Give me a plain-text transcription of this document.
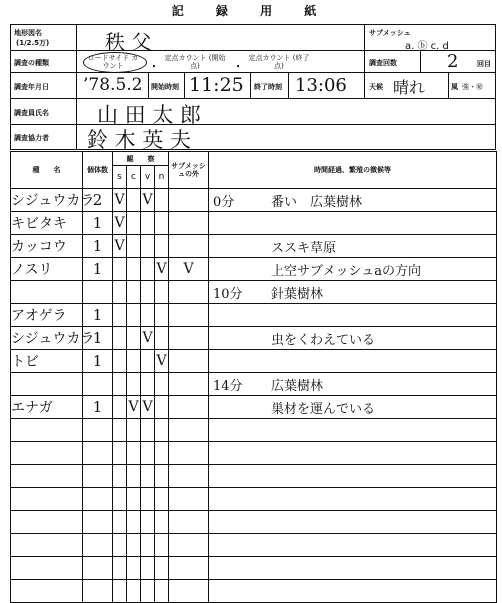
記 録 用 紙
地形図名
(1/2.5万)	秩 父	サブメッシュ
a. ⓑ c. d
調査の種類
ロードサイド カウント	・
定点カウント (開始点)	・
定点カウント (終了点)	調査回数	2	回目
調査年月日 ’78.5.2 開始時刻 11:25 終了時刻 13:06	天候 晴れ	風 強・㊙
調査員氏名 山 田 太 郎
調査協力者 鈴 木 英 夫
種　　名	個体数	観　　察				サブメッシュの外	時間経過、繁殖の徴候等
		s	c	v	n		
シジュウカラ	2	V		V			0分 番い　広葉樹林
キビタキ	1	V					
カッコウ	1	V					ススキ草原
ノスリ	1				V	V	上空サブメッシュaの方向
							10分 針葉樹林
アオゲラ	1						
シジュウカラ	1			V			虫をくわえている
トビ	1				V		
							14分 広葉樹林
エナガ	1		V	V			巣材を運んでいる
